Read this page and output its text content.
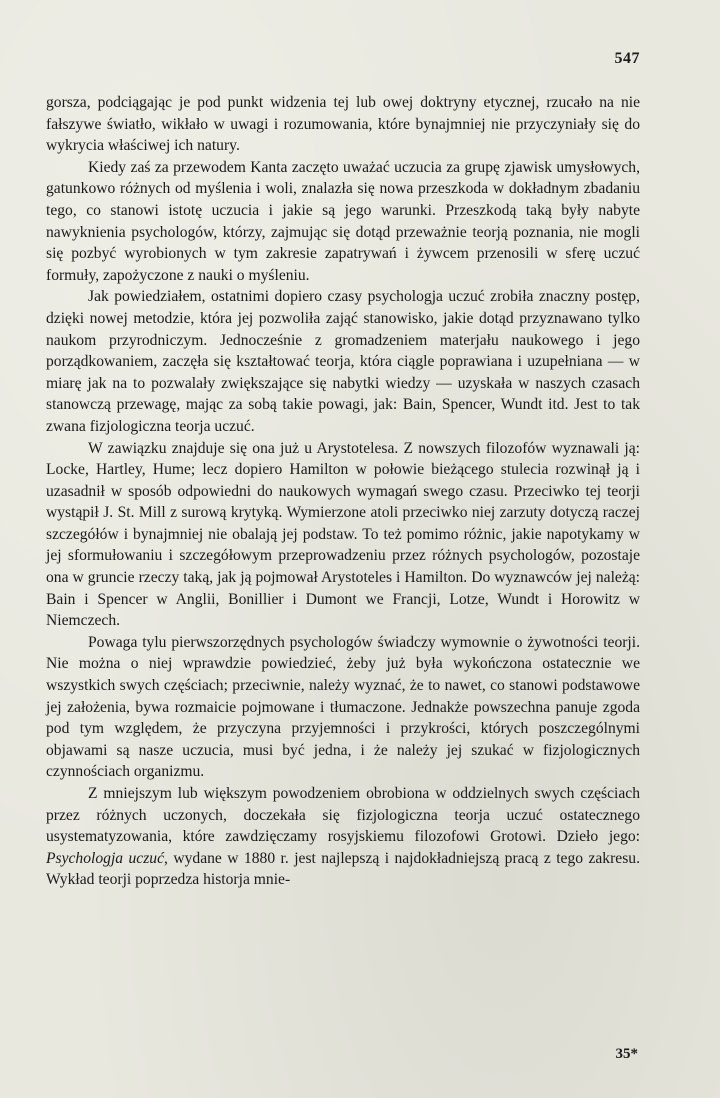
547

gorsza, podciągając je pod punkt widzenia tej lub owej doktryny etycznej, rzucało na nie fałszywe światło, wikłało w uwagi i rozumowania, które bynajmniej nie przyczyniały się do wykrycia właściwej ich natury.

Kiedy zaś za przewodem Kanta zaczęto uważać uczucia za grupę zjawisk umysłowych, gatunkowo różnych od myślenia i woli, znalazła się nowa przeszkoda w dokładnym zbadaniu tego, co stanowi istotę uczucia i jakie są jego warunki. Przeszkodą taką były nabyte nawyknienia psychologów, którzy, zajmując się dotąd przeważnie teorją poznania, nie mogli się pozbyć wyrobionych w tym zakresie zapatrywań i żywcem przenosili w sferę uczuć formuły, zapożyczone z nauki o myśleniu.

Jak powiedziałem, ostatnimi dopiero czasy psychologja uczuć zrobiła znaczny postęp, dzięki nowej metodzie, która jej pozwoliła zająć stanowisko, jakie dotąd przyznawano tylko naukom przyrodniczym. Jednocześnie z gromadzeniem materjału naukowego i jego porządkowaniem, zaczęła się kształtować teorja, która ciągle poprawiana i uzupełniana — w miarę jak na to pozwalały zwiększające się nabytki wiedzy — uzyskała w naszych czasach stanowczą przewagę, mając za sobą takie powagi, jak: Bain, Spencer, Wundt itd. Jest to tak zwana fizjologiczna teorja uczuć.

W zawiązku znajduje się ona już u Arystotelesa. Z nowszych filozofów wyznawali ją: Locke, Hartley, Hume; lecz dopiero Hamilton w połowie bieżącego stulecia rozwinął ją i uzasadnił w sposób odpowiedni do naukowych wymagań swego czasu. Przeciwko tej teorji wystąpił J. St. Mill z surową krytyką. Wymierzone atoli przeciwko niej zarzuty dotyczą raczej szczegółów i bynajmniej nie obalają jej podstaw. To też pomimo różnic, jakie napotykamy w jej sformułowaniu i szczegółowym przeprowadzeniu przez różnych psychologów, pozostaje ona w gruncie rzeczy taką, jak ją pojmował Arystoteles i Hamilton. Do wyznawców jej należą: Bain i Spencer w Anglii, Bonillier i Dumont we Francji, Lotze, Wundt i Horowitz w Niemczech.

Powaga tylu pierwszorzędnych psychologów świadczy wymownie o żywotności teorji. Nie można o niej wprawdzie powiedzieć, żeby już była wykończona ostatecznie we wszystkich swych częściach; przeciwnie, należy wyznać, że to nawet, co stanowi podstawowe jej założenia, bywa rozmaicie pojmowane i tłumaczone. Jednakże powszechna panuje zgoda pod tym względem, że przyczyna przyjemności i przykrości, których poszczególnymi objawami są nasze uczucia, musi być jedna, i że należy jej szukać w fizjologicznych czynnościach organizmu.

Z mniejszym lub większym powodzeniem obrobiona w oddzielnych swych częściach przez różnych uczonych, doczekała się fizjologiczna teorja uczuć ostatecznego usystematyzowania, które zawdzięczamy rosyjskiemu filozofowi Grotowi. Dzieło jego: Psychologja uczuć, wydane w 1880 r. jest najlepszą i najdokładniejszą pracą z tego zakresu. Wykład teorji poprzedza historja mnie-

35*
